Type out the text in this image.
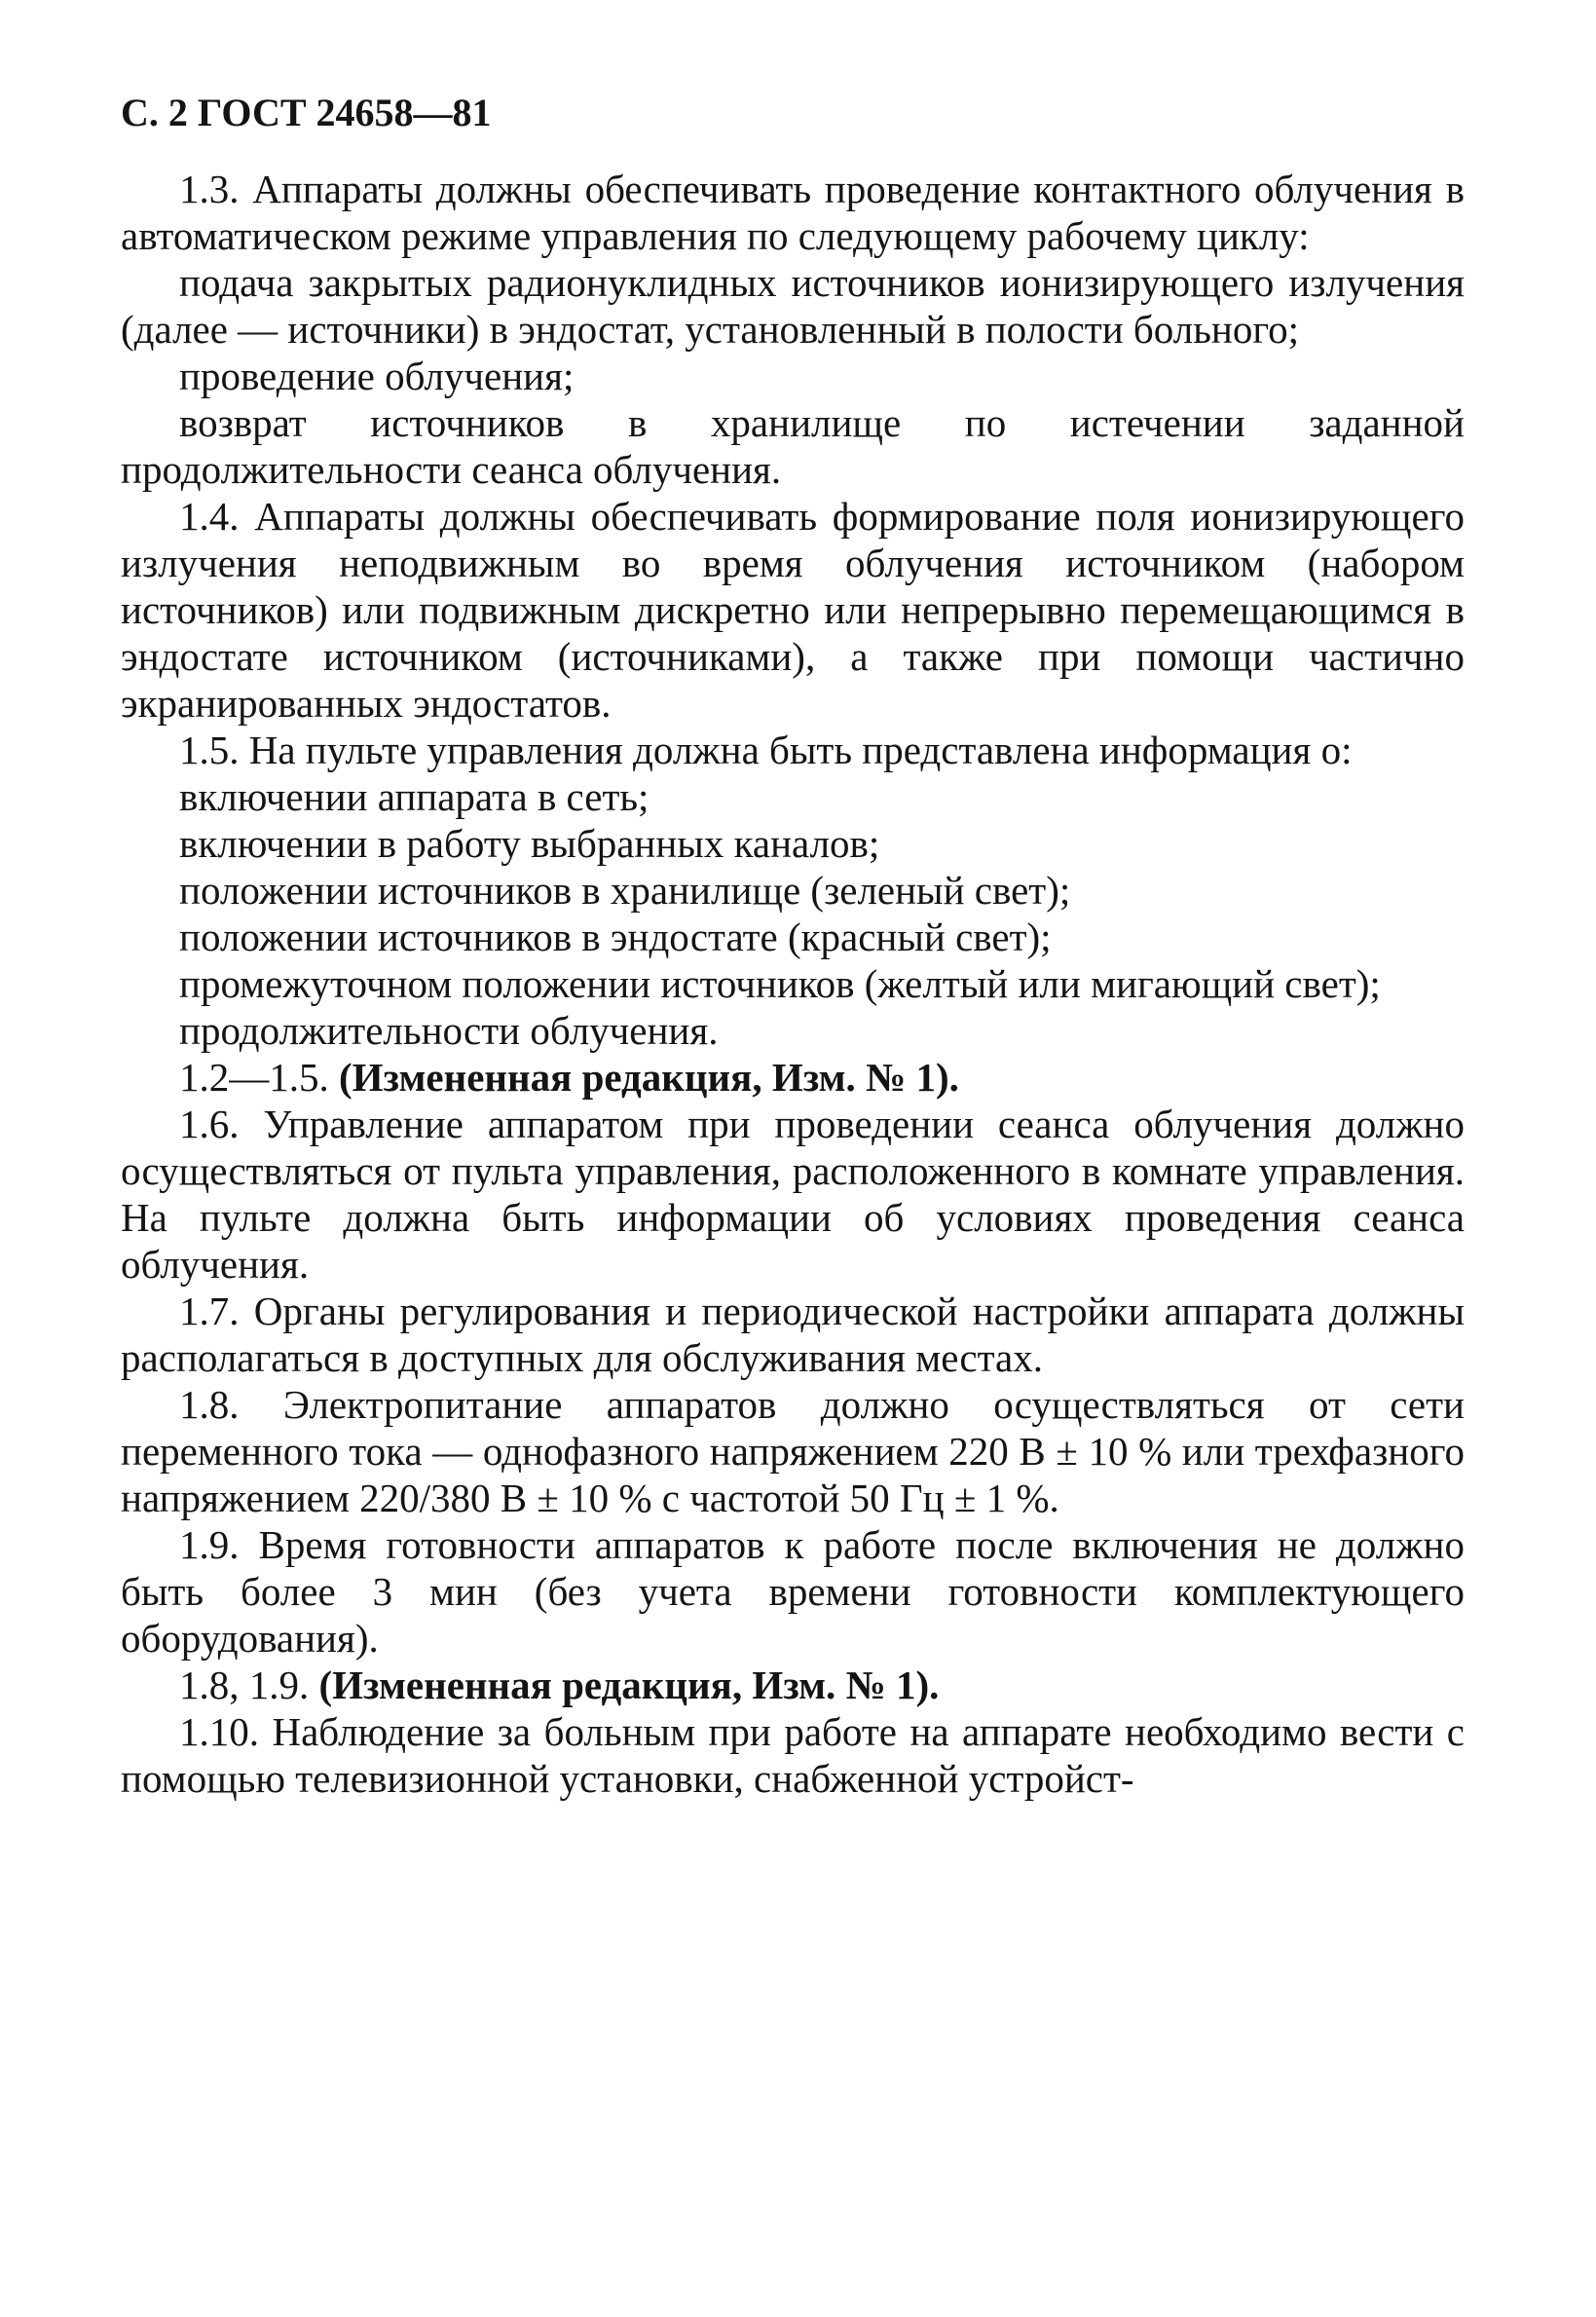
С. 2 ГОСТ 24658—81

1.3. Аппараты должны обеспечивать проведение контактного облучения в автоматическом режиме управления по следующему рабочему циклу:

подача закрытых радионуклидных источников ионизирующего излучения (далее — источники) в эндостат, установленный в полости больного;

проведение облучения;

возврат источников в хранилище по истечении заданной продолжительности сеанса облучения.

1.4. Аппараты должны обеспечивать формирование поля ионизирующего излучения неподвижным во время облучения источником (набором источников) или подвижным дискретно или непрерывно перемещающимся в эндостате источником (источниками), а также при помощи частично экранированных эндостатов.

1.5. На пульте управления должна быть представлена информация о:

включении аппарата в сеть;

включении в работу выбранных каналов;

положении источников в хранилище (зеленый свет);

положении источников в эндостате (красный свет);

промежуточном положении источников (желтый или мигающий свет);

продолжительности облучения.

1.2—1.5. (Измененная редакция, Изм. № 1).

1.6. Управление аппаратом при проведении сеанса облучения должно осуществляться от пульта управления, расположенного в комнате управления. На пульте должна быть информации об условиях проведения сеанса облучения.

1.7. Органы регулирования и периодической настройки аппарата должны располагаться в доступных для обслуживания местах.

1.8. Электропитание аппаратов должно осуществляться от сети переменного тока — однофазного напряжением 220 В ± 10 % или трехфазного напряжением 220/380 В ± 10 % с частотой 50 Гц ± 1 %.

1.9. Время готовности аппаратов к работе после включения не должно быть более 3 мин (без учета времени готовности комплектующего оборудования).

1.8, 1.9. (Измененная редакция, Изм. № 1).

1.10. Наблюдение за больным при работе на аппарате необходимо вести с помощью телевизионной установки, снабженной устройст-
